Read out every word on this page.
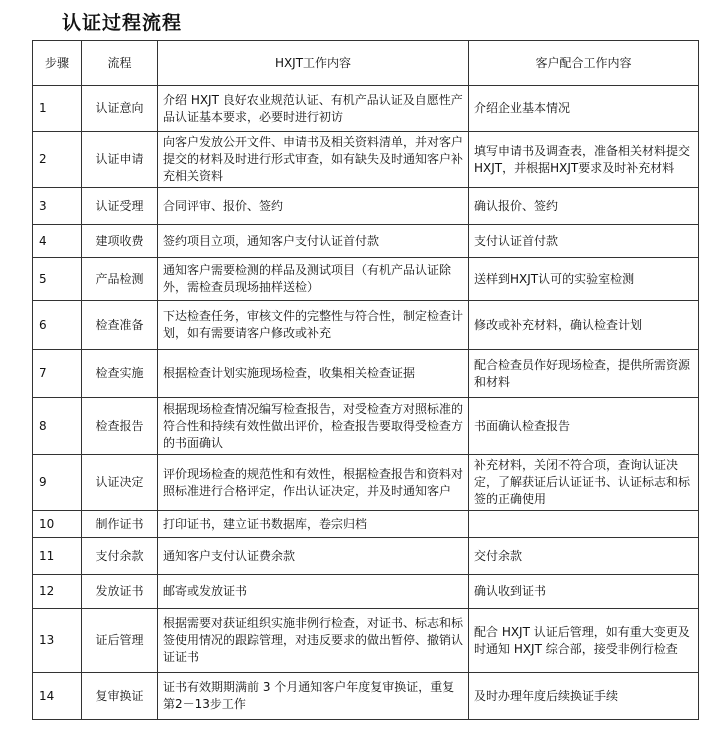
认证过程流程
步骤	流程	HXJT工作内容	客户配合工作内容
1	认证意向	介绍 HXJT 良好农业规范认证、有机产品认证及自愿性产品认证基本要求，必要时进行初访	介绍企业基本情况
2	认证申请	向客户发放公开文件、申请书及相关资料清单，并对客户提交的材料及时进行形式审查，如有缺失及时通知客户补充相关资料	填写申请书及调查表，准备相关材料提交HXJT，并根据HXJT要求及时补充材料
3	认证受理	合同评审、报价、签约	确认报价、签约
4	建项收费	签约项目立项，通知客户支付认证首付款	支付认证首付款
5	产品检测	通知客户需要检测的样品及测试项目（有机产品认证除外，需检查员现场抽样送检）	送样到HXJT认可的实验室检测
6	检查准备	下达检查任务，审核文件的完整性与符合性，制定检查计划，如有需要请客户修改或补充	修改或补充材料，确认检查计划
7	检查实施	根据检查计划实施现场检查，收集相关检查证据	配合检查员作好现场检查，提供所需资源和材料
8	检查报告	根据现场检查情况编写检查报告，对受检查方对照标准的符合性和持续有效性做出评价，检查报告要取得受检查方的书面确认	书面确认检查报告
9	认证决定	评价现场检查的规范性和有效性，根据检查报告和资料对照标准进行合格评定，作出认证决定，并及时通知客户	补充材料，关闭不符合项，查询认证决定，了解获证后认证证书、认证标志和标签的正确使用
10	制作证书	打印证书，建立证书数据库，卷宗归档	
11	支付余款	通知客户支付认证费余款	交付余款
12	发放证书	邮寄或发放证书	确认收到证书
13	证后管理	根据需要对获证组织实施非例行检查，对证书、标志和标签使用情况的跟踪管理，对违反要求的做出暂停、撤销认证证书	配合 HXJT 认证后管理，如有重大变更及时通知 HXJT 综合部，接受非例行检查
14	复审换证	证书有效期期满前 3 个月通知客户年度复审换证，重复第2－13步工作	及时办理年度后续换证手续
